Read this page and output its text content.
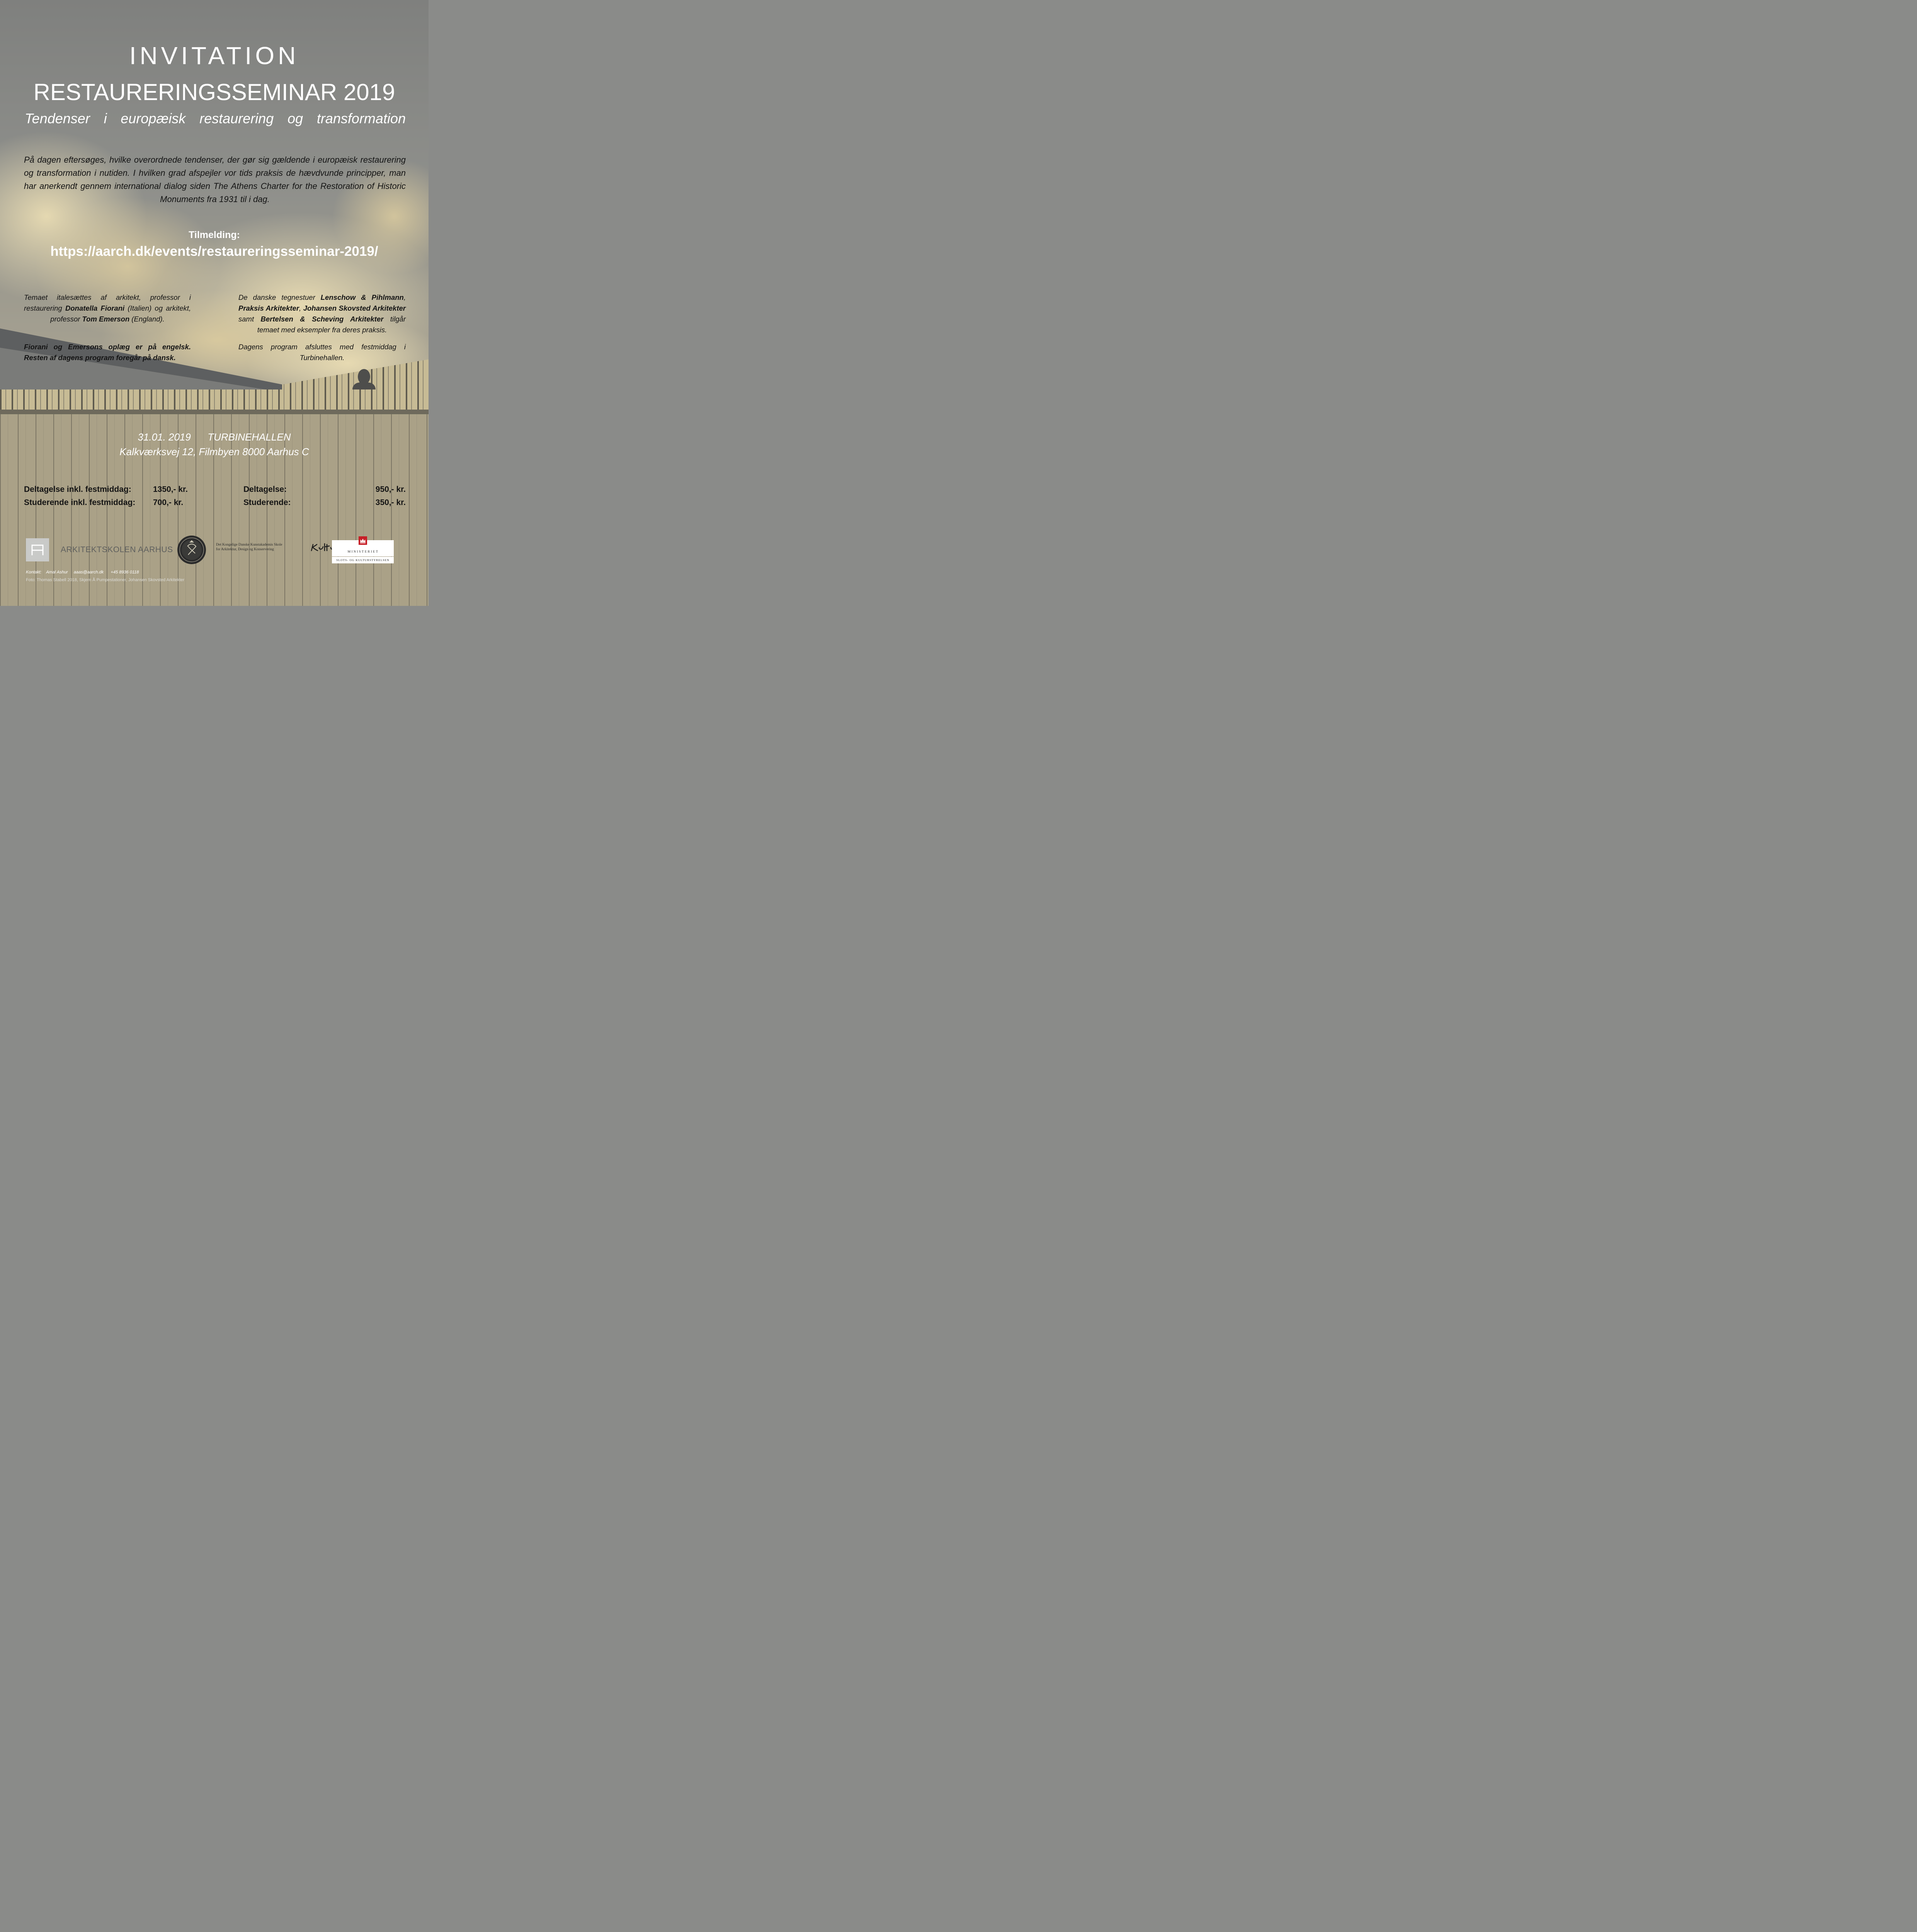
INVITATION
RESTAURERINGSSEMINAR 2019
Tendenser i europæisk restaurering og transformation
På dagen eftersøges, hvilke overordnede tendenser, der gør sig gældende i europæisk restaurering og transformation i nutiden. I hvilken grad afspejler vor tids praksis de hævdvunde principper, man har anerkendt gennem international dialog siden The Athens Charter for the Restoration of Historic Monuments fra 1931 til i dag.
Tilmelding:
https://aarch.dk/events/restaureringsseminar-2019/

Temaet italesættes af arkitekt, professor i restaurering Donatella Fiorani (Italien) og arkitekt, professor Tom Emerson (England).

Fiorani og Emersons oplæg er på engelsk. Resten af dagens program foregår på dansk.

De danske tegnestuer Lenschow & Pihlmann, Praksis Arkitekter, Johansen Skovsted Arkitekter samt Bertelsen & Scheving Arkitekter tilgår temaet med eksempler fra deres praksis.

Dagens program afsluttes med festmiddag i Turbinehallen.

31.01. 2019 TURBINEHALLEN
Kalkværksvej 12, Filmbyen 8000 Aarhus C
Deltagelse inkl. festmiddag:	1350,- kr.
Studerende inkl. festmiddag: 700,- kr.
Deltagelse:	950,- kr.
Studerende:	350,- kr.
ARKITEKTSKOLEN AARHUS
Det Kongelige Danske Kunstakademis Skole
for Arkitektur, Design og Konservering	MINISTERIET
SLOTS- OG KULTURSTYRELSEN
Kontakt: Amal Ashur aaas@aarch.dk +45 8936 0118
Foto: Thomas Stabell 2018, Skjern Å Pumpestationer, Johansen Skovsted Arkitekter
